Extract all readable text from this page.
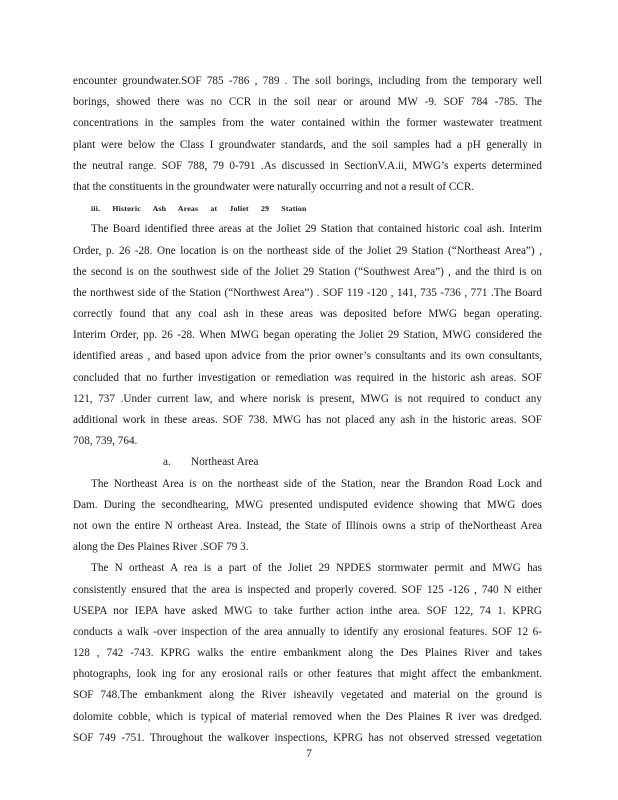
encounter groundwater.SOF 785 -786 , 789 . The soil borings, including from the temporary well
borings, showed there was no CCR in the soil near or around MW -9. SOF 784 -785. The
concentrations in the samples from the water contained within the former wastewater treatment
plant were below the Class I groundwater standards, and the soil samples had a pH generally in
the neutral range. SOF 788, 79 0-791 .As discussed in SectionV.A.ii, MWG’s experts determined
that the constituents in the groundwater were naturally occurring and not a result of CCR.
iii. Historic Ash Areas at Joliet 29 Station
The Board identified three areas at the Joliet 29 Station that contained historic coal ash. Interim
Order, p. 26 -28. One location is on the northeast side of the Joliet 29 Station (“Northeast Area”) ,
the second is on the southwest side of the Joliet 29 Station (“Southwest Area”) , and the third is on
the northwest side of the Station (“Northwest Area”) . SOF 119 -120 , 141, 735 -736 , 771 .The Board
correctly found that any coal ash in these areas was deposited before MWG began operating.
Interim Order, pp. 26 -28. When MWG began operating the Joliet 29 Station, MWG considered the
identified areas , and based upon advice from the prior owner’s consultants and its own consultants,
concluded that no further investigation or remediation was required in the historic ash areas. SOF
121, 737 .Under current law, and where norisk is present, MWG is not required to conduct any
additional work in these areas. SOF 738. MWG has not placed any ash in the historic areas. SOF
708, 739, 764.
a. Northeast Area
The Northeast Area is on the northeast side of the Station, near the Brandon Road Lock and
Dam. During the secondhearing, MWG presented undisputed evidence showing that MWG does
not own the entire N ortheast Area. Instead, the State of Illinois owns a strip of theNortheast Area
along the Des Plaines River .SOF 79 3.
The N ortheast A rea is a part of the Joliet 29 NPDES stormwater permit and MWG has
consistently ensured that the area is inspected and properly covered. SOF 125 -126 , 740 N either
USEPA nor IEPA have asked MWG to take further action inthe area. SOF 122, 74 1. KPRG
conducts a walk -over inspection of the area annually to identify any erosional features. SOF 12 6-
128 , 742 -743. KPRG walks the entire embankment along the Des Plaines River and takes
photographs, look ing for any erosional rails or other features that might affect the embankment.
SOF 748.The embankment along the River isheavily vegetated and material on the ground is
dolomite cobble, which is typical of material removed when the Des Plaines R iver was dredged.
SOF 749 -751. Throughout the walkover inspections, KPRG has not observed stressed vegetation
7
